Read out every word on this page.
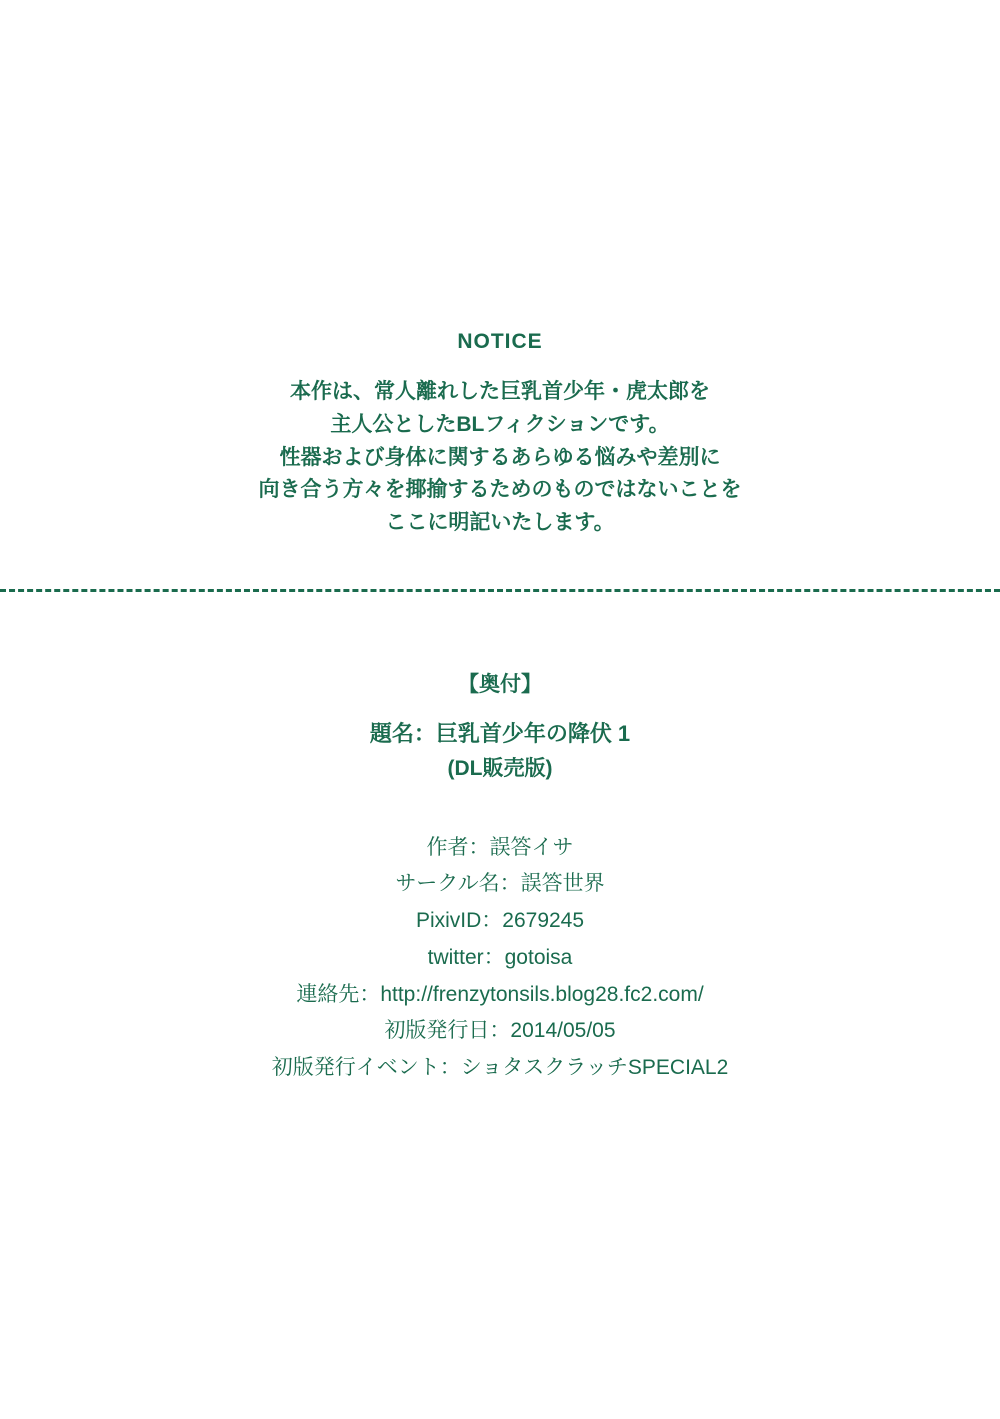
NOTICE
本作は、常人離れした巨乳首少年・虎太郎を
主人公としたBLフィクションです。
性器および身体に関するあらゆる悩みや差別に
向き合う方々を揶揄するためのものではないことを
ここに明記いたします。
【奥付】
題名：巨乳首少年の降伏 1
(DL販売版)
作者：誤答イサ
サークル名：誤答世界
PixivID：2679245
twitter：gotoisa
連絡先：http://frenzytonsils.blog28.fc2.com/
初版発行日：2014/05/05
初版発行イベント：ショタスクラッチSPECIAL2
